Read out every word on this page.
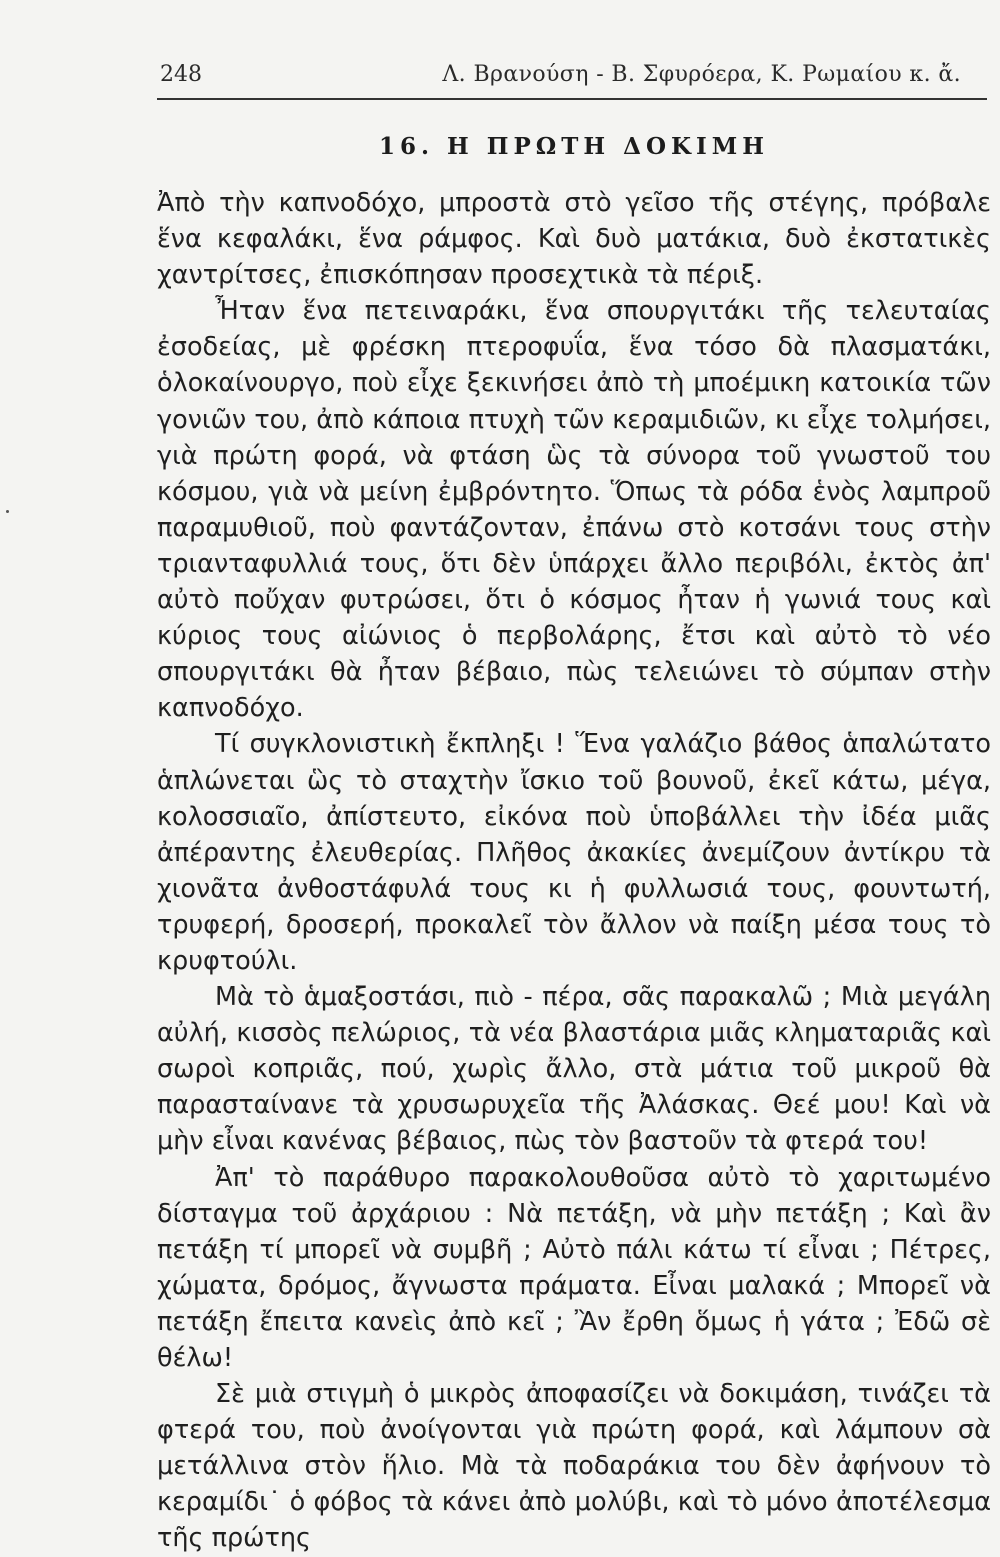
248	Λ. Βρανούση - Β. Σφυρόερα, Κ. Ρωμαίου κ. ἄ.
16. Η ΠΡΩΤΗ ΔΟΚΙΜΗ

Ἀπὸ τὴν καπνοδόχο, μπροστὰ στὸ γεῖσο τῆς στέγης, πρόβαλε ἕνα κεφαλάκι, ἕνα ράμφος. Καὶ δυὸ ματάκια, δυὸ ἐκστατικὲς χαντρίτσες, ἐπισκόπησαν προσεχτικὰ τὰ πέριξ.

Ἦταν ἕνα πετειναράκι, ἕνα σπουργιτάκι τῆς τελευταίας ἐσοδείας, μὲ φρέσκη πτεροφυΐα, ἕνα τόσο δὰ πλασματάκι, ὁλοκαίνουργο, ποὺ εἶχε ξεκινήσει ἀπὸ τὴ μποέμικη κατοικία τῶν γονιῶν του, ἀπὸ κάποια πτυχὴ τῶν κεραμιδιῶν, κι εἶχε τολμήσει, γιὰ πρώτη φορά, νὰ φτάση ὣς τὰ σύνορα τοῦ γνωστοῦ του κόσμου, γιὰ νὰ μείνη ἐμβρόντητο. Ὅπως τὰ ρόδα ἑνὸς λαμπροῦ παραμυθιοῦ, ποὺ φαντάζονταν, ἐπάνω στὸ κοτσάνι τους στὴν τριανταφυλλιά τους, ὅτι δὲν ὑπάρχει ἄλλο περιβόλι, ἐκτὸς ἀπ' αὐτὸ ποὔχαν φυτρώσει, ὅτι ὁ κόσμος ἦταν ἡ γωνιά τους καὶ κύριος τους αἰώνιος ὁ περβολάρης, ἔτσι καὶ αὐτὸ τὸ νέο σπουργιτάκι θὰ ἦταν βέβαιο, πὼς τελειώνει τὸ σύμπαν στὴν καπνοδόχο.

Τί συγκλονιστικὴ ἔκπληξι ! Ἕνα γαλάζιο βάθος ἁπαλώτατο ἁπλώνεται ὣς τὸ σταχτὴν ἴσκιο τοῦ βουνοῦ, ἐκεῖ κάτω, μέγα, κολοσσιαῖο, ἀπίστευτο, εἰκόνα ποὺ ὑποβάλλει τὴν ἰδέα μιᾶς ἀπέραντης ἐλευθερίας. Πλῆθος ἀκακίες ἀνεμίζουν ἀντίκρυ τὰ χιονᾶτα ἀνθοστάφυλά τους κι ἡ φυλλωσιά τους, φουντωτή, τρυφερή, δροσερή, προκαλεῖ τὸν ἄλλον νὰ παίξη μέσα τους τὸ κρυφτούλι.

Μὰ τὸ ἁμαξοστάσι, πιὸ - πέρα, σᾶς παρακαλῶ ; Μιὰ μεγάλη αὐλή, κισσὸς πελώριος, τὰ νέα βλαστάρια μιᾶς κληματαριᾶς καὶ σωροὶ κοπριᾶς, πού, χωρὶς ἄλλο, στὰ μάτια τοῦ μικροῦ θὰ παρασταίνανε τὰ χρυσωρυχεῖα τῆς Ἀλάσκας. Θεέ μου! Καὶ νὰ μὴν εἶναι κανένας βέβαιος, πὼς τὸν βαστοῦν τὰ φτερά του!

Ἀπ' τὸ παράθυρο παρακολουθοῦσα αὐτὸ τὸ χαριτωμένο δίσταγμα τοῦ ἀρχάριου : Νὰ πετάξη, νὰ μὴν πετάξη ; Καὶ ἂν πετάξη τί μπορεῖ νὰ συμβῆ ; Αὐτὸ πάλι κάτω τί εἶναι ; Πέτρες, χώματα, δρόμος, ἄγνωστα πράματα. Εἶναι μαλακά ; Μπορεῖ νὰ πετάξη ἔπειτα κανεὶς ἀπὸ κεῖ ; Ἂν ἔρθη ὅμως ἡ γάτα ; Ἐδῶ σὲ θέλω!

Σὲ μιὰ στιγμὴ ὁ μικρὸς ἀποφασίζει νὰ δοκιμάση, τινάζει τὰ φτερά του, ποὺ ἀνοίγονται γιὰ πρώτη φορά, καὶ λάμπουν σὰ μετάλλινα στὸν ἥλιο. Μὰ τὰ ποδαράκια του δὲν ἀφήνουν τὸ κεραμίδι˙ ὁ φόβος τὰ κάνει ἀπὸ μολύβι, καὶ τὸ μόνο ἀποτέλεσμα τῆς πρώτης
